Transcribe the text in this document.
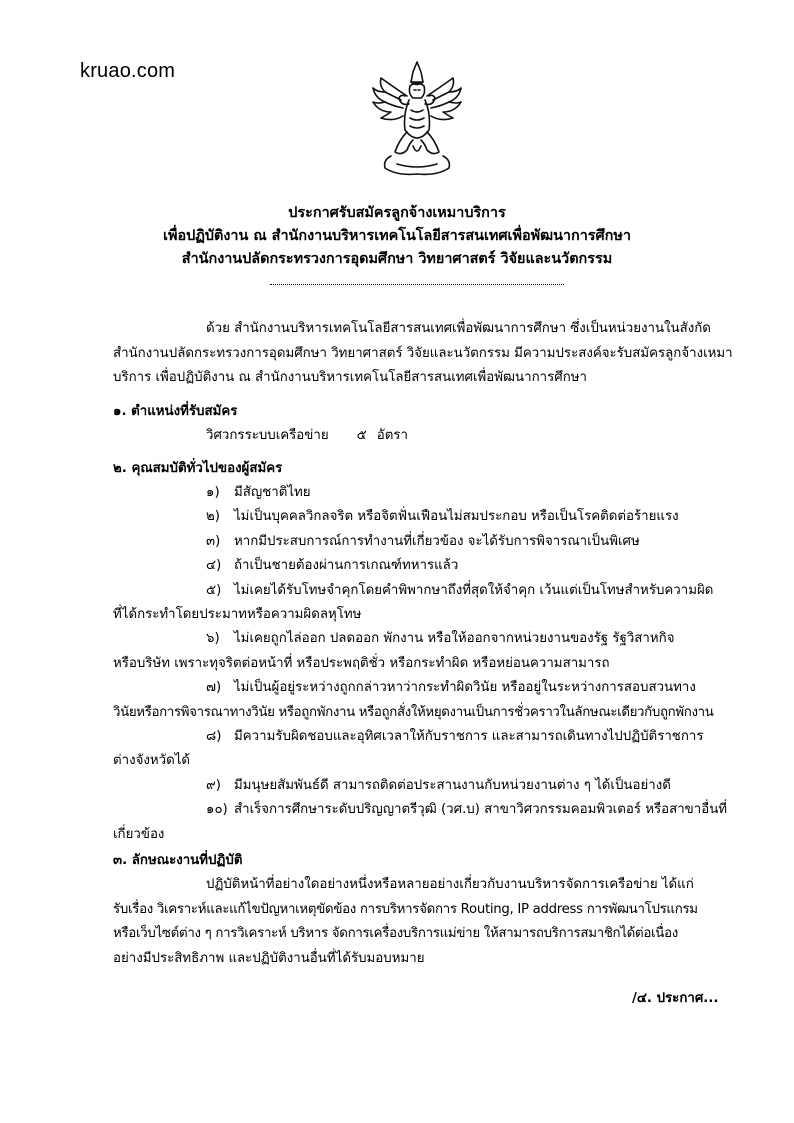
kruao.com
ประกาศรับสมัครลูกจ้างเหมาบริการ
เพื่อปฏิบัติงาน ณ สำนักงานบริหารเทคโนโลยีสารสนเทศเพื่อพัฒนาการศึกษา
สำนักงานปลัดกระทรวงการอุดมศึกษา วิทยาศาสตร์ วิจัยและนวัตกรรม

ด้วย สำนักงานบริหารเทคโนโลยีสารสนเทศเพื่อพัฒนาการศึกษา ซึ่งเป็นหน่วยงานในสังกัด
สำนักงานปลัดกระทรวงการอุดมศึกษา วิทยาศาสตร์ วิจัยและนวัตกรรม มีความประสงค์จะรับสมัครลูกจ้างเหมา
บริการ เพื่อปฏิบัติงาน ณ สำนักงานบริหารเทคโนโลยีสารสนเทศเพื่อพัฒนาการศึกษา

๑. ตำแหน่งที่รับสมัคร

วิศวกรระบบเครือข่าย ๕ อัตรา

๒. คุณสมบัติทั่วไปของผู้สมัคร

๑) มีสัญชาติไทย
๒) ไม่เป็นบุคคลวิกลจริต หรือจิตฟั่นเฟือนไม่สมประกอบ หรือเป็นโรคติดต่อร้ายแรง
๓) หากมีประสบการณ์การทำงานที่เกี่ยวข้อง จะได้รับการพิจารณาเป็นพิเศษ
๔) ถ้าเป็นชายต้องผ่านการเกณฑ์ทหารแล้ว
๕) ไม่เคยได้รับโทษจำคุกโดยคำพิพากษาถึงที่สุดให้จำคุก เว้นแต่เป็นโทษสำหรับความผิด
ที่ได้กระทำโดยประมาทหรือความผิดลหุโทษ
๖) ไม่เคยถูกไล่ออก ปลดออก พักงาน หรือให้ออกจากหน่วยงานของรัฐ รัฐวิสาหกิจ
หรือบริษัท เพราะทุจริตต่อหน้าที่ หรือประพฤติชั่ว หรือกระทำผิด หรือหย่อนความสามารถ
๗) ไม่เป็นผู้อยู่ระหว่างถูกกล่าวหาว่ากระทำผิดวินัย หรืออยู่ในระหว่างการสอบสวนทาง
วินัยหรือการพิจารณาทางวินัย หรือถูกพักงาน หรือถูกสั่งให้หยุดงานเป็นการชั่วคราวในลักษณะเดียวกับถูกพักงาน
๘) มีความรับผิดชอบและอุทิศเวลาให้กับราชการ และสามารถเดินทางไปปฏิบัติราชการ
ต่างจังหวัดได้
๙) มีมนุษยสัมพันธ์ดี สามารถติดต่อประสานงานกับหน่วยงานต่าง ๆ ได้เป็นอย่างดี
๑๐) สำเร็จการศึกษาระดับปริญญาตรีวุฒิ (วศ.บ) สาขาวิศวกรรมคอมพิวเตอร์ หรือสาขาอื่นที่
เกี่ยวข้อง

๓. ลักษณะงานที่ปฏิบัติ

ปฏิบัติหน้าที่อย่างใดอย่างหนึ่งหรือหลายอย่างเกี่ยวกับงานบริหารจัดการเครือข่าย ได้แก่
รับเรื่อง วิเคราะห์และแก้ไขปัญหาเหตุขัดข้อง การบริหารจัดการ Routing, IP address การพัฒนาโปรแกรม
หรือเว็บไซต์ต่าง ๆ การวิเคราะห์ บริหาร จัดการเครื่องบริการแม่ข่าย ให้สามารถบริการสมาชิกได้ต่อเนื่อง
อย่างมีประสิทธิภาพ และปฏิบัติงานอื่นที่ได้รับมอบหมาย

/๔. ประกาศ...
